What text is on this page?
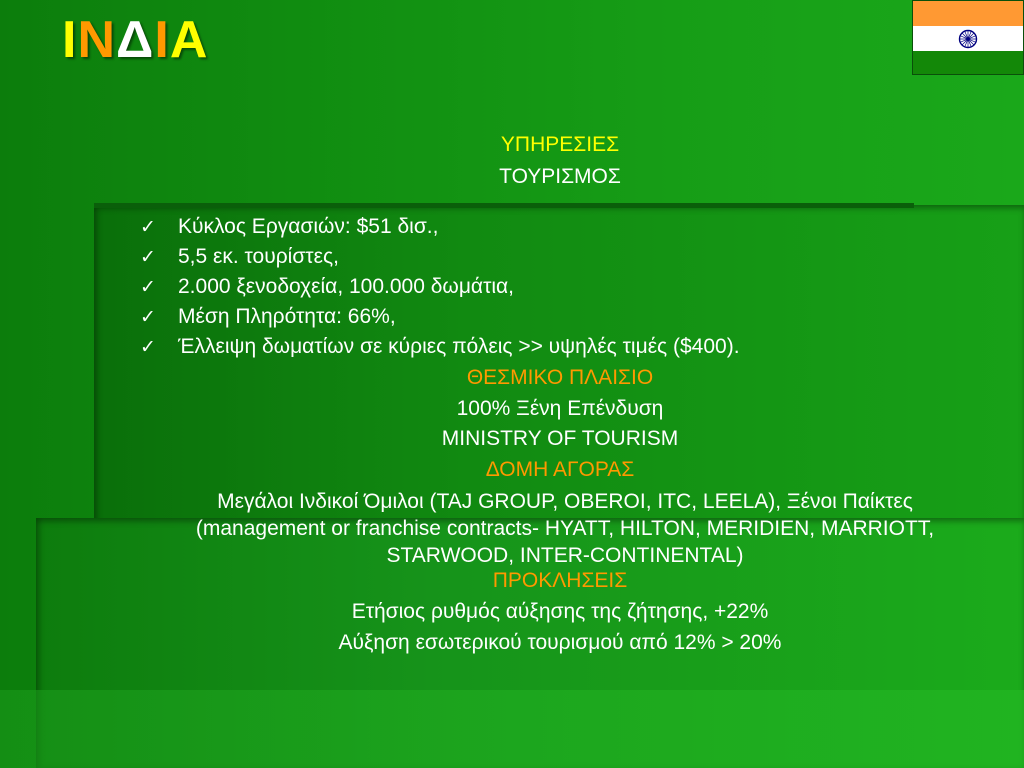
INΔIA
ΥΠΗΡΕΣΙΕΣ
ΤΟΥΡΙΣΜΟΣ
✓ Κύκλος Εργασιών: $51 δισ.,
✓ 5,5 εκ. τουρίστες,
✓ 2.000 ξενοδοχεία, 100.000 δωμάτια,
✓ Μέση Πληρότητα: 66%,
✓ Έλλειψη δωματίων σε κύριες πόλεις >> υψηλές τιμές ($400).
ΘΕΣΜΙΚΟ ΠΛΑΙΣΙΟ
100% Ξένη Επένδυση
MINISTRY OF TOURISM
ΔΟΜΗ ΑΓΟΡΑΣ
Μεγάλοι Ινδικοί Όμιλοι (TAJ GROUP, OBEROI, ITC, LEELA), Ξένοι Παίκτες (management or franchise contracts- HYATT, HILTON, MERIDIEN, MARRIOTT, STARWOOD, INTER-CONTINENTAL)
ΠΡΟΚΛΗΣΕΙΣ
Ετήσιος ρυθμός αύξησης της ζήτησης, +22%
Αύξηση εσωτερικού τουρισμού από 12% > 20%
